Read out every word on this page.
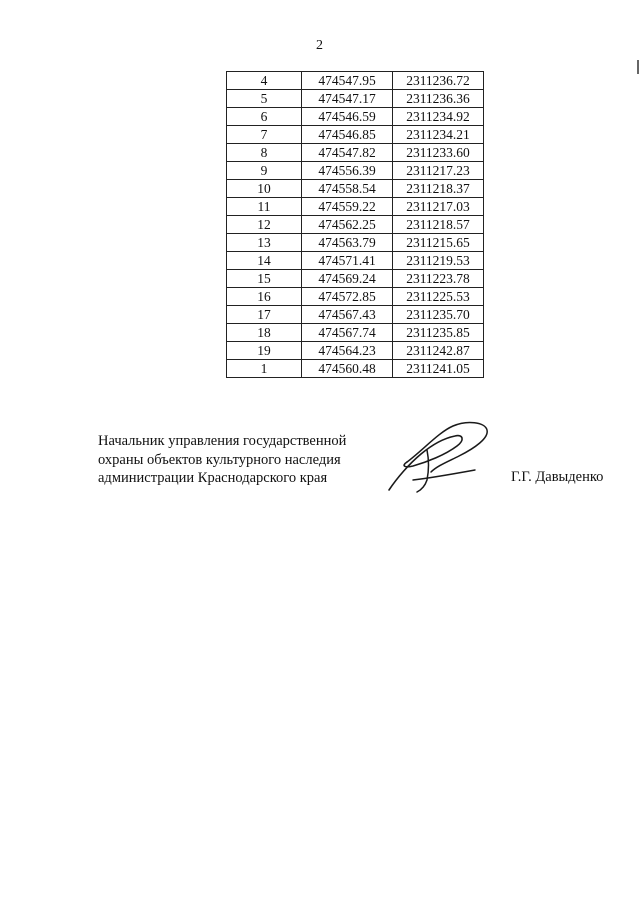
2
4	474547.95	2311236.72
5	474547.17	2311236.36
6	474546.59	2311234.92
7	474546.85	2311234.21
8	474547.82	2311233.60
9	474556.39	2311217.23
10	474558.54	2311218.37
11	474559.22	2311217.03
12	474562.25	2311218.57
13	474563.79	2311215.65
14	474571.41	2311219.53
15	474569.24	2311223.78
16	474572.85	2311225.53
17	474567.43	2311235.70
18	474567.74	2311235.85
19	474564.23	2311242.87
1	474560.48	2311241.05
Начальник управления государственной
охраны объектов культурного наследия
администрации Краснодарского края	Г.Г. Давыденко
